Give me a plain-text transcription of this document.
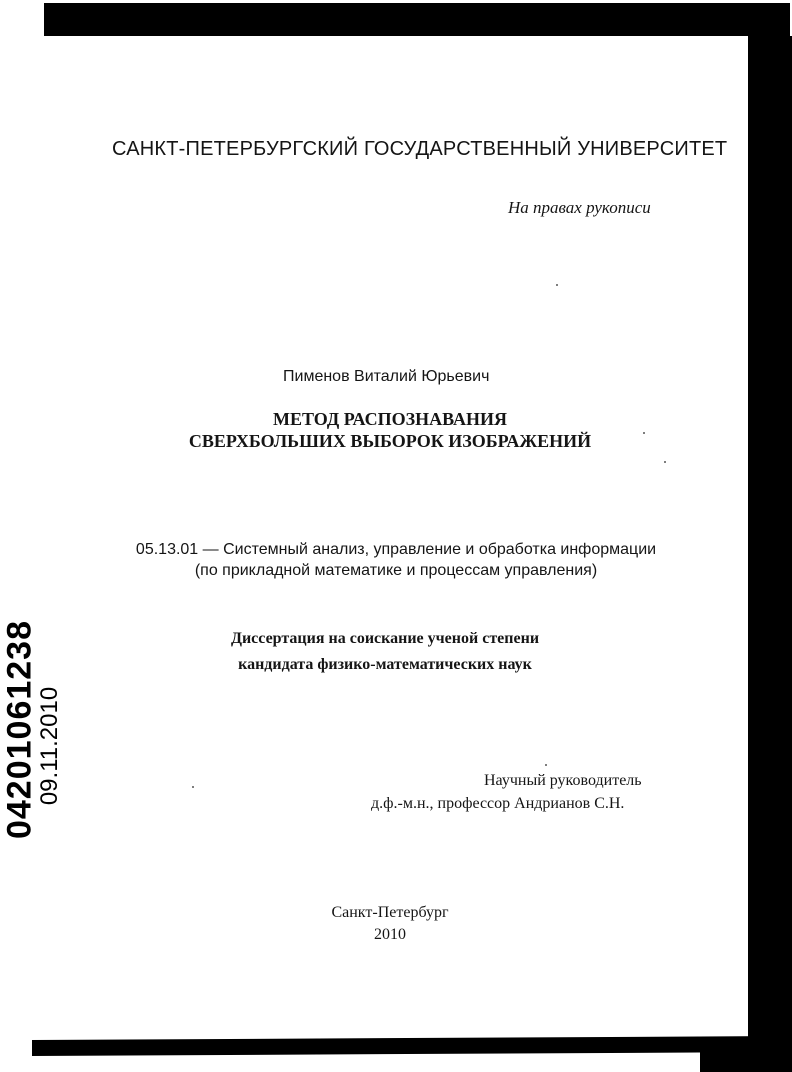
САНКТ-ПЕТЕРБУРГСКИЙ ГОСУДАРСТВЕННЫЙ УНИВЕРСИТЕТ
На правах рукописи
Пименов Виталий Юрьевич
МЕТОД РАСПОЗНАВАНИЯ
СВЕРХБОЛЬШИХ ВЫБОРОК ИЗОБРАЖЕНИЙ
05.13.01 — Системный анализ, управление и обработка информации
(по прикладной математике и процессам управления)
Диссертация на соискание ученой степени
кандидата физико-математических наук
Научный руководитель
д.ф.-м.н., профессор Андрианов С.Н.
Санкт-Петербург
2010
04201061238
09.11.2010
